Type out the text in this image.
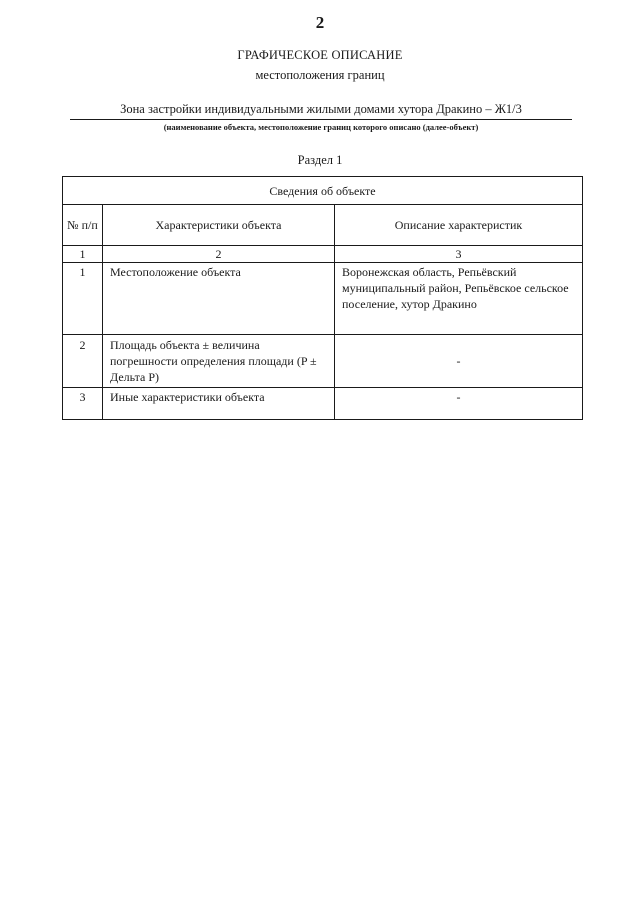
2
ГРАФИЧЕСКОЕ ОПИСАНИЕ
местоположения границ
Зона застройки индивидуальными жилыми домами хутора Дракино – Ж1/3
(наименование объекта, местоположение границ которого описано (далее-объект)
Раздел 1
Сведения об объекте		
№ п/п	Характеристики объекта	Описание характеристик
1	2	3
1	Местоположение объекта	Воронежская область, Репьёвский муниципальный район, Репьёвское сельское поселение, хутор Дракино
2	Площадь объекта ± величина погрешности определения площади (P ± Дельта P)	-
3	Иные характеристики объекта	-
